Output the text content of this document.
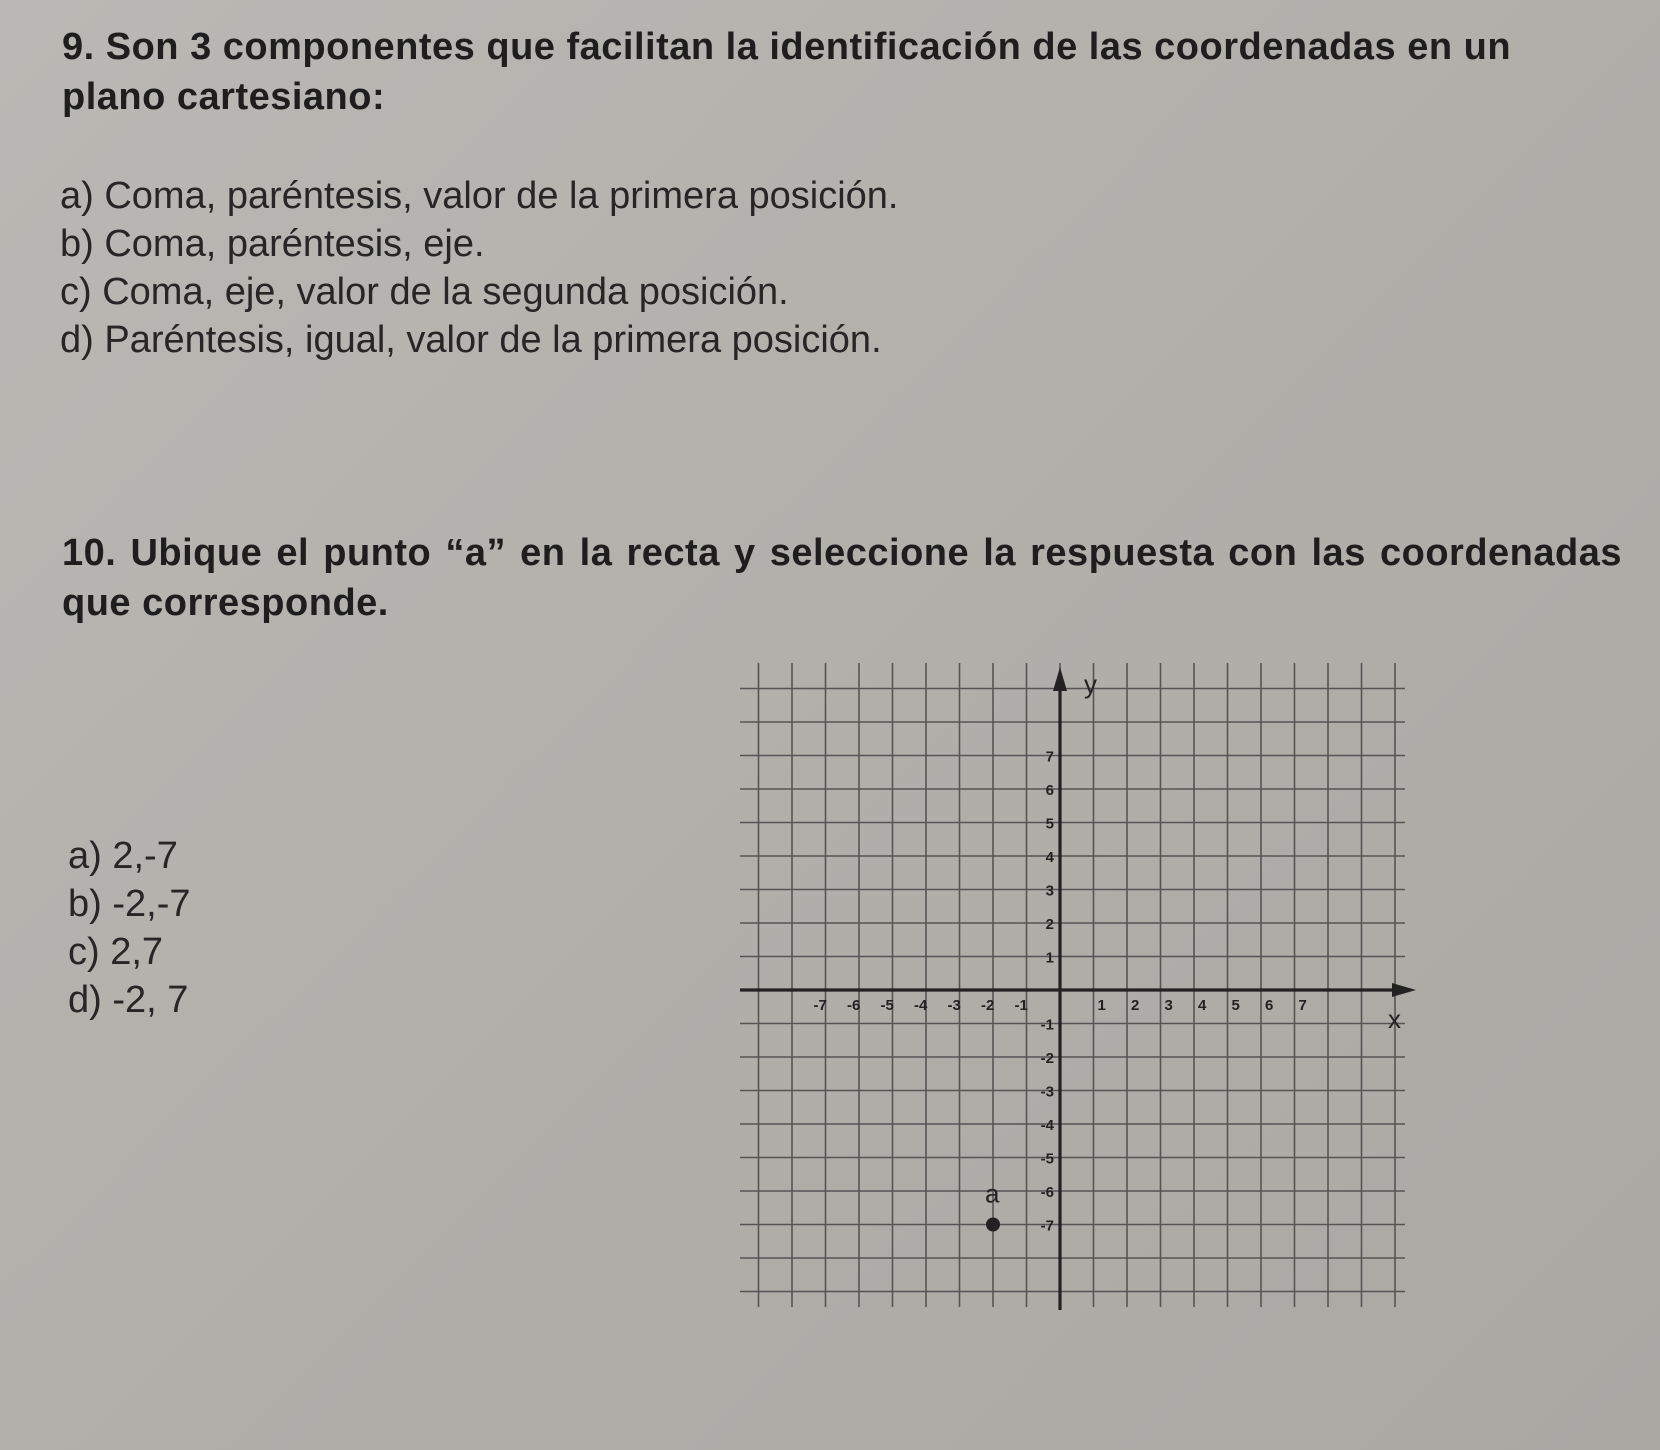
9. Son 3 componentes que facilitan la identificación de las coordenadas en un plano cartesiano:
a) Coma, paréntesis, valor de la primera posición.
b) Coma, paréntesis, eje.
c) Coma, eje, valor de la segunda posición.
d) Paréntesis, igual, valor de la primera posición.
10. Ubique el punto “a” en la recta y seleccione la respuesta con las coordenadas que corresponde.
a) 2,-7
b) -2,-7
c) 2,7
d) -2, 7	-7 -6 -5 -4 -3 -2 -1	1 2 3 4 5 6 7
7
6
5
4
3
2
1
-1
-2
-3
-4
-5
-6
-7
x
y
a
